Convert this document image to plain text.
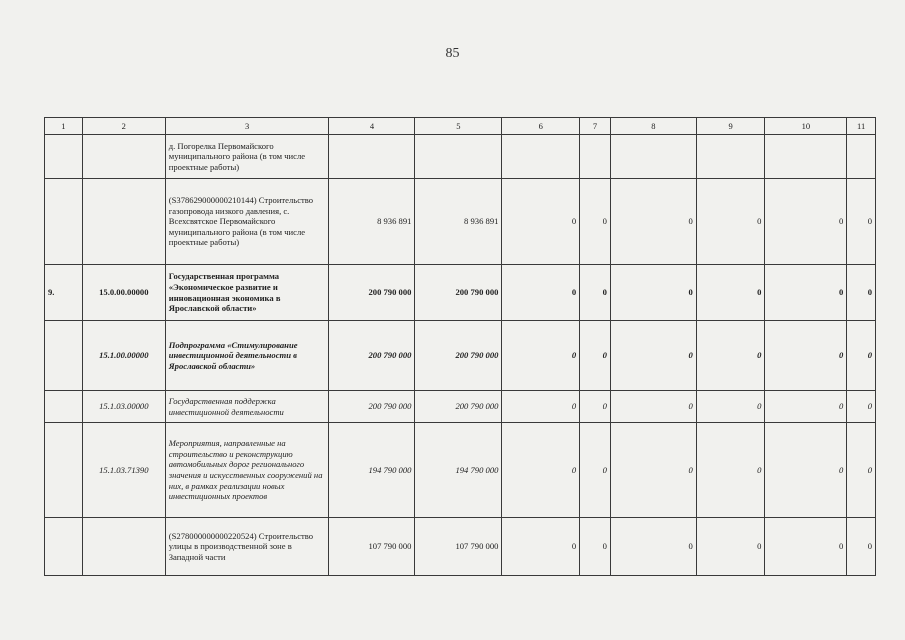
85
1	2	3	4	5	6	7	8	9	10	11
		д. Погорелка Первомайского муниципального района (в том числе проектные работы)								
		(S378629000000210144) Строительство газопровода низкого давления, с. Всехсвятское Первомайского муниципального района (в том числе проектные работы)	8 936 891	8 936 891	0	0	0	0	0	0
9.	15.0.00.00000	Государственная программа «Экономическое развитие и инновационная экономика в Ярославской области»	200 790 000	200 790 000	0	0	0	0	0	0
	15.1.00.00000	Подпрограмма «Стимулирование инвестиционной деятельности в Ярославской области»	200 790 000	200 790 000	0	0	0	0	0	0
	15.1.03.00000	Государственная поддержка инвестиционной деятельности	200 790 000	200 790 000	0	0	0	0	0	0
	15.1.03.71390	Мероприятия, направленные на строительство и реконструкцию автомобильных дорог регионального значения и искусственных сооружений на них, в рамках реализации новых инвестиционных проектов	194 790 000	194 790 000	0	0	0	0	0	0
		(S278000000000220524) Строительство улицы в производственной зоне в Западной части	107 790 000	107 790 000	0	0	0	0	0	0
